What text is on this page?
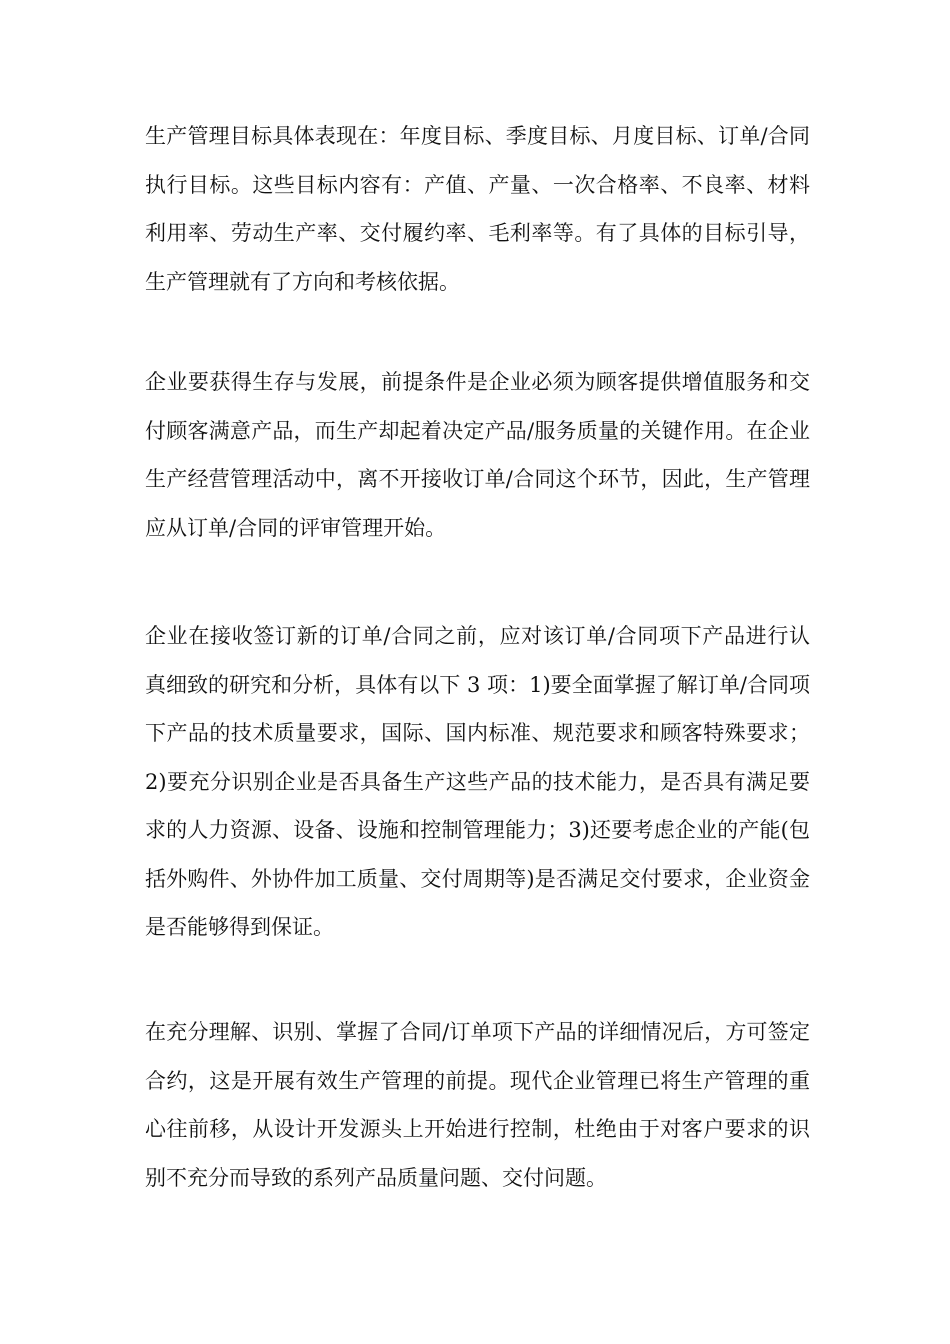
生产管理目标具体表现在：年度目标、季度目标、月度目标、订单/合同执行目标。这些目标内容有：产值、产量、一次合格率、不良率、材料利用率、劳动生产率、交付履约率、毛利率等。有了具体的目标引导，生产管理就有了方向和考核依据。

企业要获得生存与发展，前提条件是企业必须为顾客提供增值服务和交付顾客满意产品，而生产却起着决定产品/服务质量的关键作用。在企业生产经营管理活动中，离不开接收订单/合同这个环节，因此，生产管理应从订单/合同的评审管理开始。

企业在接收签订新的订单/合同之前，应对该订单/合同项下产品进行认真细致的研究和分析，具体有以下 3 项：1)要全面掌握了解订单/合同项下产品的技术质量要求，国际、国内标准、规范要求和顾客特殊要求；2)要充分识别企业是否具备生产这些产品的技术能力，是否具有满足要求的人力资源、设备、设施和控制管理能力；3)还要考虑企业的产能(包括外购件、外协件加工质量、交付周期等)是否满足交付要求，企业资金是否能够得到保证。

在充分理解、识别、掌握了合同/订单项下产品的详细情况后，方可签定合约，这是开展有效生产管理的前提。现代企业管理已将生产管理的重心往前移，从设计开发源头上开始进行控制，杜绝由于对客户要求的识别不充分而导致的系列产品质量问题、交付问题。
